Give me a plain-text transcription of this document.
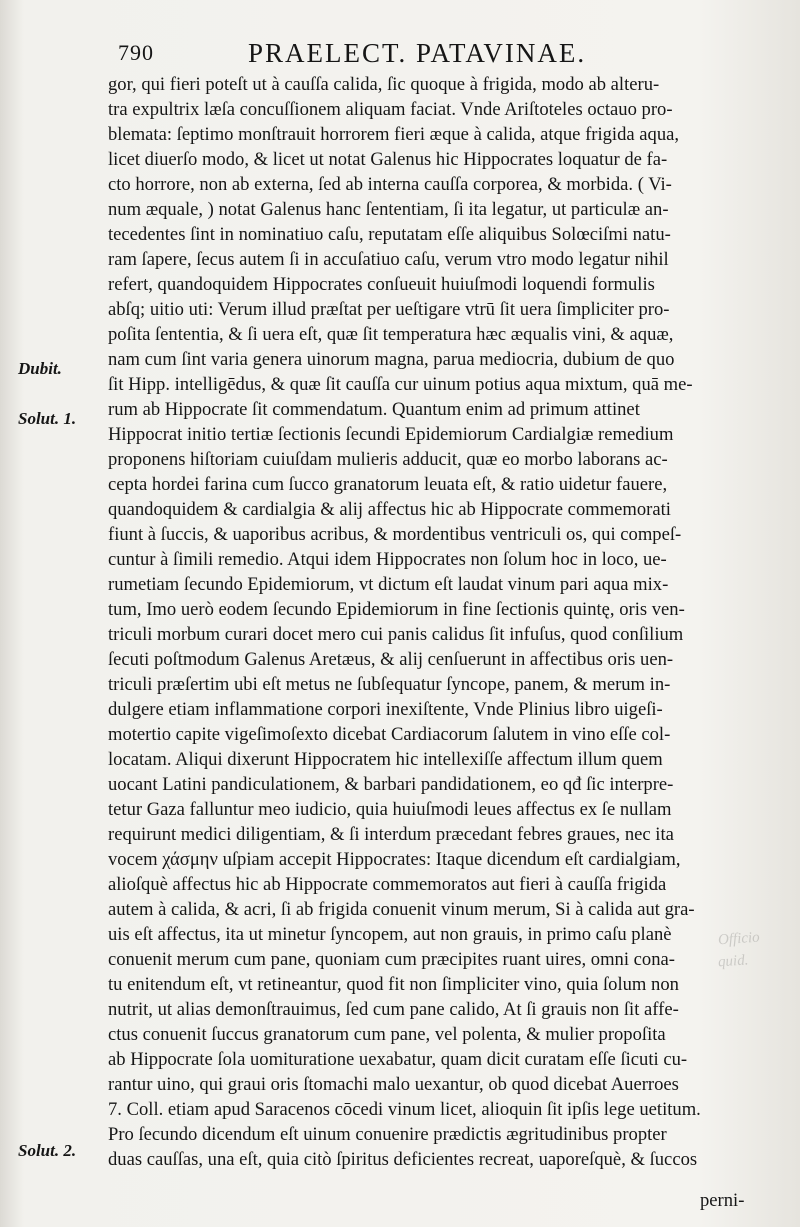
790	PRAELECT. PATAVINAE.
Dubit.
Solut. 1.
Solut. 2.
Officio
quid.
gor, qui fieri poteſt ut à cauſſa calida, ſic quoque à frigida, modo ab alteru-
tra expultrix læſa concuſſionem aliquam faciat. Vnde Ariſtoteles octauo pro-
blemata: ſeptimo monſtrauit horrorem fieri æque à calida, atque frigida aqua,
licet diuerſo modo, & licet ut notat Galenus hic Hippocrates loquatur de fa-
cto horrore, non ab externa, ſed ab interna cauſſa corporea, & morbida. ( Vi-
num æquale, ) notat Galenus hanc ſententiam, ſi ita legatur, ut particulæ an-
tecedentes ſint in nominatiuo caſu, reputatam eſſe aliquibus Solœciſmi natu-
ram ſapere, ſecus autem ſi in accuſatiuo caſu, verum vtro modo legatur nihil
refert, quandoquidem Hippocrates conſueuit huiuſmodi loquendi formulis
abſq; uitio uti: Verum illud præſtat per ueſtigare vtrū ſit uera ſimpliciter pro-
poſita ſententia, & ſi uera eſt, quæ ſit temperatura hæc æqualis vini, & aquæ,
nam cum ſint varia genera uinorum magna, parua mediocria, dubium de quo
ſit Hipp. intelligēdus, & quæ ſit cauſſa cur uinum potius aqua mixtum, quā me-
rum ab Hippocrate ſit commendatum. Quantum enim ad primum attinet
Hippocrat initio tertiæ ſectionis ſecundi Epidemiorum Cardialgiæ remedium
proponens hiſtoriam cuiuſdam mulieris adducit, quæ eo morbo laborans ac-
cepta hordei farina cum ſucco granatorum leuata eſt, & ratio uidetur fauere,
quandoquidem & cardialgia & alij affectus hic ab Hippocrate commemorati
fiunt à ſuccis, & uaporibus acribus, & mordentibus ventriculi os, qui compeſ-
cuntur à ſimili remedio. Atqui idem Hippocrates non ſolum hoc in loco, ue-
rumetiam ſecundo Epidemiorum, vt dictum eſt laudat vinum pari aqua mix-
tum, Imo uerò eodem ſecundo Epidemiorum in fine ſectionis quintę, oris ven-
triculi morbum curari docet mero cui panis calidus ſit infuſus, quod conſilium
ſecuti poſtmodum Galenus Aretæus, & alij cenſuerunt in affectibus oris uen-
triculi præſertim ubi eſt metus ne ſubſequatur ſyncope, panem, & merum in-
dulgere etiam inflammatione corpori inexiſtente, Vnde Plinius libro uigeſi-
motertio capite vigeſimoſexto dicebat Cardiacorum ſalutem in vino eſſe col-
locatam. Aliqui dixerunt Hippocratem hic intellexiſſe affectum illum quem
uocant Latini pandiculationem, & barbari pandidationem, eo qđ ſic interpre-
tetur Gaza falluntur meo iudicio, quia huiuſmodi leues affectus ex ſe nullam
requirunt medici diligentiam, & ſi interdum præcedant febres graues, nec ita
vocem χάσμην uſpiam accepit Hippocrates: Itaque dicendum eſt cardialgiam,
alioſquè affectus hic ab Hippocrate commemoratos aut fieri à cauſſa frigida
autem à calida, & acri, ſi ab frigida conuenit vinum merum, Si à calida aut gra-
uis eſt affectus, ita ut minetur ſyncopem, aut non grauis, in primo caſu planè
conuenit merum cum pane, quoniam cum præcipites ruant uires, omni cona-
tu enitendum eſt, vt retineantur, quod fit non ſimpliciter vino, quia ſolum non
nutrit, ut alias demonſtrauimus, ſed cum pane calido, At ſi grauis non ſit affe-
ctus conuenit ſuccus granatorum cum pane, vel polenta, & mulier propoſita
ab Hippocrate ſola uomituratione uexabatur, quam dicit curatam eſſe ſicuti cu-
rantur uino, qui graui oris ſtomachi malo uexantur, ob quod dicebat Auerroes
7. Coll. etiam apud Saracenos cōcedi vinum licet, alioquin ſit ipſis lege uetitum.
Pro ſecundo dicendum eſt uinum conuenire prædictis ægritudinibus propter
duas cauſſas, una eſt, quia citò ſpiritus deficientes recreat, uaporeſquè, & ſuccos
perni-
